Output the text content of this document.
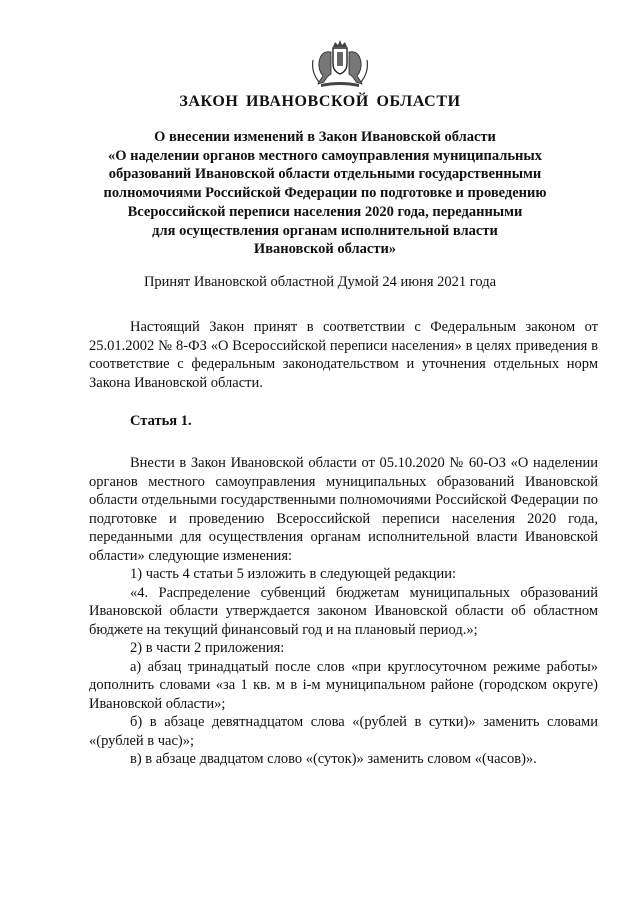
ЗАКОН ИВАНОВСКОЙ ОБЛАСТИ
О внесении изменений в Закон Ивановской области
«О наделении органов местного самоуправления муниципальных
образований Ивановской области отдельными государственными
полномочиями Российской Федерации по подготовке и проведению
Всероссийской переписи населения 2020 года, переданными
для осуществления органам исполнительной власти
Ивановской области»
Принят Ивановской областной Думой 24 июня 2021 года

Настоящий Закон принят в соответствии с Федеральным законом от 25.01.2002 № 8-ФЗ «О Всероссийской переписи населения» в целях приведения в соответствие с федеральным законодательством и уточнения отдельных норм Закона Ивановской области.

Статья 1.

Внести в Закон Ивановской области от 05.10.2020 № 60-ОЗ «О наделении органов местного самоуправления муниципальных образований Ивановской области отдельными государственными полномочиями Российской Федерации по подготовке и проведению Всероссийской переписи населения 2020 года, переданными для осуществления органам исполнительной власти Ивановской области» следующие изменения:

1) часть 4 статьи 5 изложить в следующей редакции:

«4. Распределение субвенций бюджетам муниципальных образований Ивановской области утверждается законом Ивановской области об областном бюджете на текущий финансовый год и на плановый период.»;

2) в части 2 приложения:

а) абзац тринадцатый после слов «при круглосуточном режиме работы» дополнить словами «за 1 кв. м в i-м муниципальном районе (городском округе) Ивановской области»;

б) в абзаце девятнадцатом слова «(рублей в сутки)» заменить словами «(рублей в час)»;

в) в абзаце двадцатом слово «(суток)» заменить словом «(часов)».
